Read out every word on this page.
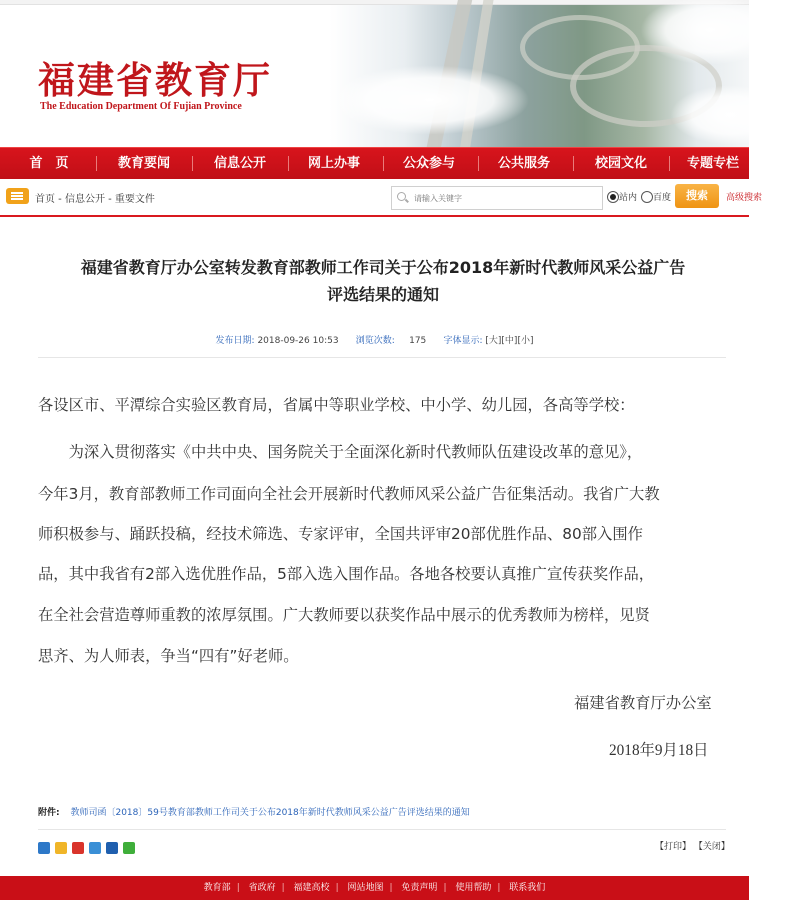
福建省教育厅
The Education Department Of Fujian Province
首　页	教育要闻	信息公开	网上办事	公众参与	公共服务	校园文化	专题专栏
首页 - 信息公开 - 重要文件
请输入关键字	站内 百度	搜索	高级搜索
福建省教育厅办公室转发教育部教师工作司关于公布2018年新时代教师风采公益广告
评选结果的通知
发布日期: 2018-09-26 10:53 浏览次数: 175 字体显示: [大][中][小]
各设区市、平潭综合实验区教育局，省属中等职业学校、中小学、幼儿园，各高等学校：
　　为深入贯彻落实《中共中央、国务院关于全面深化新时代教师队伍建设改革的意见》，
今年3月，教育部教师工作司面向全社会开展新时代教师风采公益广告征集活动。我省广大教
师积极参与、踊跃投稿，经技术筛选、专家评审，全国共评审20部优胜作品、80部入围作
品，其中我省有2部入选优胜作品，5部入选入围作品。各地各校要认真推广宣传获奖作品，
在全社会营造尊师重教的浓厚氛围。广大教师要以获奖作品中展示的优秀教师为榜样，见贤
思齐、为人师表，争当“四有”好老师。
福建省教育厅办公室
2018年9月18日
附件: 教师司函〔2018〕59号教育部教师工作司关于公布2018年新时代教师风采公益广告评选结果的通知
【打印】 【关闭】
教育部 | 省政府 | 福建高校 | 网站地图 | 免责声明 | 使用帮助 | 联系我们
